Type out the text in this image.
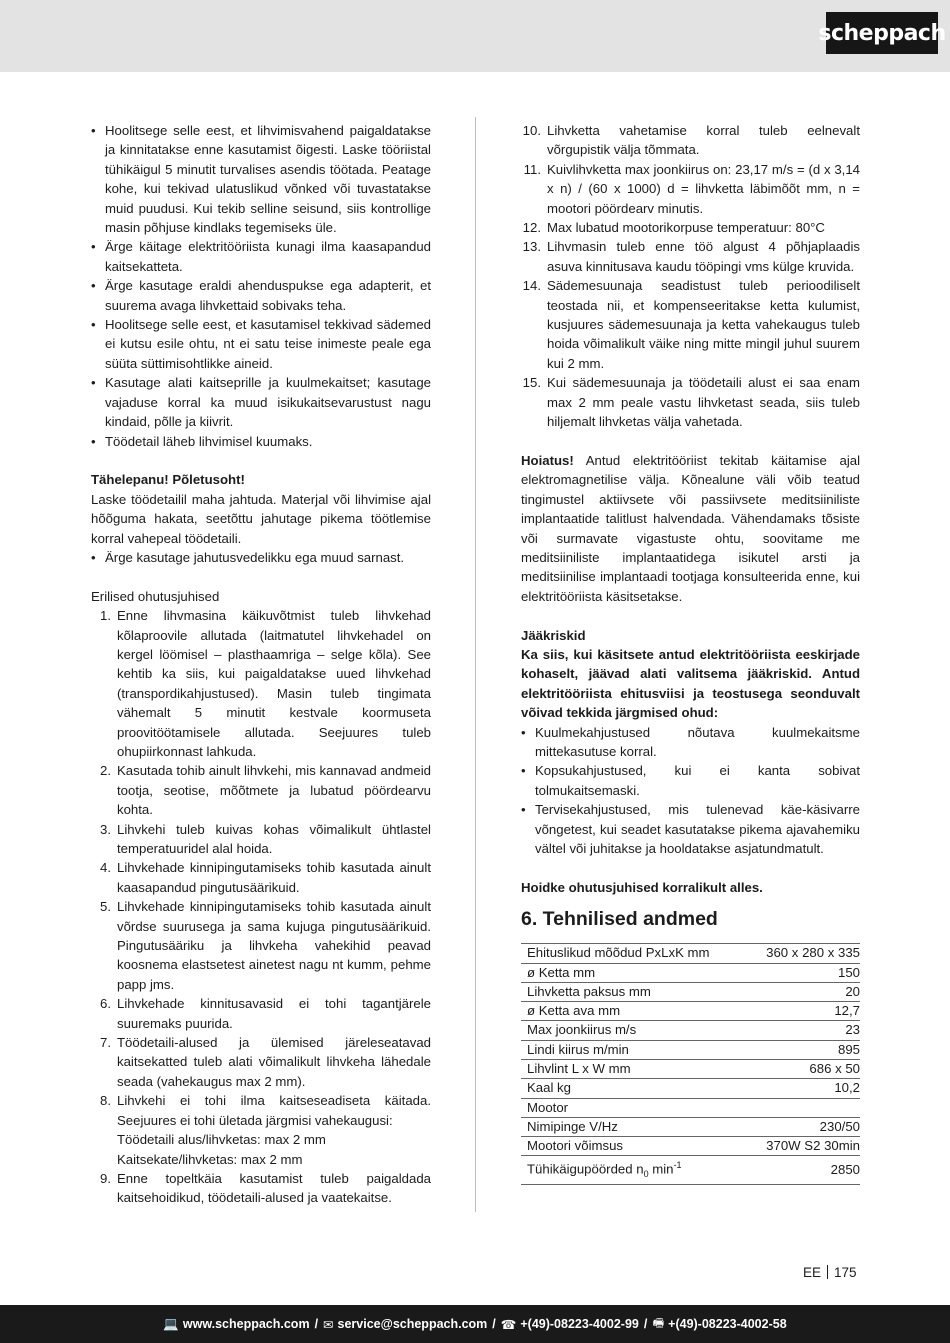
scheppach
• Hoolitsege selle eest, et lihvimisvahend paigaldatakse ja kinnitatakse enne kasutamist õigesti. Laske tööriistal tühikäigul 5 minutit turvalises asendis töötada. Peatage kohe, kui tekivad ulatuslikud võnked või tuvastatakse muid puudusi. Kui tekib selline seisund, siis kontrollige masin põhjuse kindlaks tegemiseks üle.
• Ärge käitage elektritööriista kunagi ilma kaasapandud kaitsekatteta.
• Ärge kasutage eraldi ahenduspukse ega adapterit, et suurema avaga lihvkettaid sobivaks teha.
• Hoolitsege selle eest, et kasutamisel tekkivad sädemed ei kutsu esile ohtu, nt ei satu teise inimeste peale ega süüta süttimisohtlikke aineid.
• Kasutage alati kaitseprille ja kuulmekaitset; kasutage vajaduse korral ka muud isikukaitsevarustust nagu kindaid, põlle ja kiivrit.
• Töödetail läheb lihvimisel kuumaks.

Tähelepanu! Põletusoht!

Laske töödetailil maha jahtuda. Materjal või lihvimise ajal hõõguma hakata, seetõttu jahutage pikema töötlemise korral vahepeal töödetaili.

• Ärge kasutage jahutusvedelikku ega muud sarnast.

Erilised ohutusjuhised

1. Enne lihvmasina käikuvõtmist tuleb lihvkehad kõlaproovile allutada (laitmatutel lihvkehadel on kergel löömisel – plasthaamriga – selge kõla). See kehtib ka siis, kui paigaldatakse uued lihvkehad (transpordikahjustused). Masin tuleb tingimata vähemalt 5 minutit kestvale koormuseta proovitöötamisele allutada. Seejuures tuleb ohupiirkonnast lahkuda.
2. Kasutada tohib ainult lihvkehi, mis kannavad andmeid tootja, seotise, mõõtmete ja lubatud pöördearvu kohta.
3. Lihvkehi tuleb kuivas kohas võimalikult ühtlastel temperatuuridel alal hoida.
4. Lihvkehade kinnipingutamiseks tohib kasutada ainult kaasapandud pingutusäärikuid.
5. Lihvkehade kinnipingutamiseks tohib kasutada ainult võrdse suurusega ja sama kujuga pingutusäärikuid. Pingutusääriku ja lihvkeha vahekihid peavad koosnema elastsetest ainetest nagu nt kumm, pehme papp jms.
6. Lihvkehade kinnitusavasid ei tohi tagantjärele suuremaks puurida.
7. Töödetaili-alused ja ülemised järeleseatavad kaitsekatted tuleb alati võimalikult lihvkeha lähedale seada (vahekaugus max 2 mm).
8. Lihvkehi ei tohi ilma kaitseseadiseta käitada. Seejuures ei tohi ületada järgmisi vahekaugusi:
Töödetaili alus/lihvketas: max 2 mm
Kaitsekate/lihvketas: max 2 mm
9. Enne topeltkäia kasutamist tuleb paigaldada kaitsehoidikud, töödetaili-alused ja vaatekaitse.
10. Lihvketta vahetamise korral tuleb eelnevalt võrgupistik välja tõmmata.
11. Kuivlihvketta max joonkiirus on: 23,17 m/s = (d x 3,14 x n) / (60 x 1000) d = lihvketta läbimõõt mm, n = mootori pöördearv minutis.
12. Max lubatud mootorikorpuse temperatuur: 80°C
13. Lihvmasin tuleb enne töö algust 4 põhjaplaadis asuva kinnitusava kaudu tööpingi vms külge kruvida.
14. Sädemesuunaja seadistust tuleb perioodiliselt teostada nii, et kompenseeritakse ketta kulumist, kusjuures sädemesuunaja ja ketta vahekaugus tuleb hoida võimalikult väike ning mitte mingil juhul suurem kui 2 mm.
15. Kui sädemesuunaja ja töödetaili alust ei saa enam max 2 mm peale vastu lihvketast seada, siis tuleb hiljemalt lihvketas välja vahetada.

Hoiatus! Antud elektritööriist tekitab käitamise ajal elektromagnetilise välja. Kõnealune väli võib teatud tingimustel aktiivsete või passiivsete meditsiiniliste implantaatide talitlust halvendada. Vähendamaks tõsiste või surmavate vigastuste ohtu, soovitame me meditsiiniliste implantaatidega isikutel arsti ja meditsiinilise implantaadi tootjaga konsulteerida enne, kui elektritööriista käsitsetakse.

Jääkriskid

Ka siis, kui käsitsete antud elektritööriista eeskirjade kohaselt, jäävad alati valitsema jääkriskid. Antud elektritööriista ehitusviisi ja teostusega seonduvalt võivad tekkida järgmised ohud:

• Kuulmekahjustused nõutava kuulmekaitsme mittekasutuse korral.
• Kopsukahjustused, kui ei kanta sobivat tolmukaitsemaski.
• Tervisekahjustused, mis tulenevad käe-käsivarre võngetest, kui seadet kasutatakse pikema ajavahemiku vältel või juhitakse ja hooldatakse asjatundmatult.

Hoidke ohutusjuhised korralikult alles.

6. Tehnilised andmed
Ehituslikud mõõdud PxLxK mm	360 x 280 x 335
ø Ketta mm	150
Lihvketta paksus mm	20
ø Ketta ava mm	12,7
Max joonkiirus m/s	23
Lindi kiirus m/min	895
Lihvlint L x W mm	686 x 50
Kaal kg	10,2
Mootor	
Nimipinge V/Hz	230/50
Mootori võimsus	370W S2 30min
Tühikäigupöörded $n_0$ $\min^{-1}$	2850
EE 175
💻 www.scheppach.com / ✉ service@scheppach.com / ☎ +(49)-08223-4002-99 / 🖷 +(49)-08223-4002-58
